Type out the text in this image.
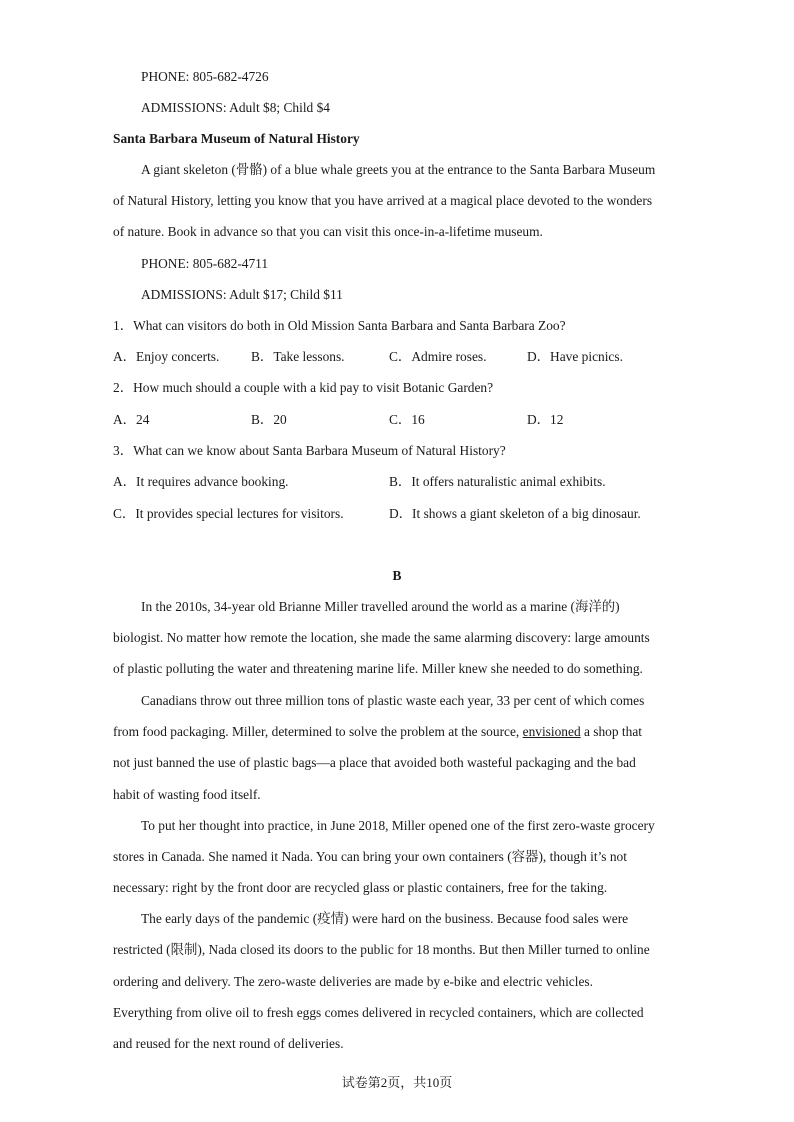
PHONE: 805-682-4726
ADMISSIONS: Adult $8; Child $4
Santa Barbara Museum of Natural History
A giant skeleton (骨骼) of a blue whale greets you at the entrance to the Santa Barbara Museum
of Natural History, letting you know that you have arrived at a magical place devoted to the wonders
of nature. Book in advance so that you can visit this once-in-a-lifetime museum.
PHONE: 805-682-4711
ADMISSIONS: Adult $17; Child $11
1．What can visitors do both in Old Mission Santa Barbara and Santa Barbara Zoo?
A．Enjoy concerts. B．Take lessons.	C．Admire roses.	D．Have picnics.
2．How much should a couple with a kid pay to visit Botanic Garden?
A．24	B．20	C．16	D．12
3．What can we know about Santa Barbara Museum of Natural History?
A．It requires advance booking.	B．It offers naturalistic animal exhibits.
C．It provides special lectures for visitors.	D．It shows a giant skeleton of a big dinosaur.
B
In the 2010s, 34-year old Brianne Miller travelled around the world as a marine (海洋的)
biologist. No matter how remote the location, she made the same alarming discovery: large amounts
of plastic polluting the water and threatening marine life. Miller knew she needed to do something.
Canadians throw out three million tons of plastic waste each year, 33 per cent of which comes
from food packaging. Miller, determined to solve the problem at the source, envisioned a shop that
not just banned the use of plastic bags—a place that avoided both wasteful packaging and the bad
habit of wasting food itself.
To put her thought into practice, in June 2018, Miller opened one of the first zero-waste grocery
stores in Canada. She named it Nada. You can bring your own containers (容器), though it’s not
necessary: right by the front door are recycled glass or plastic containers, free for the taking.
The early days of the pandemic (疫情) were hard on the business. Because food sales were
restricted (限制), Nada closed its doors to the public for 18 months. But then Miller turned to online
ordering and delivery. The zero-waste deliveries are made by e-bike and electric vehicles.
Everything from olive oil to fresh eggs comes delivered in recycled containers, which are collected
and reused for the next round of deliveries.
试卷第2页，共10页
